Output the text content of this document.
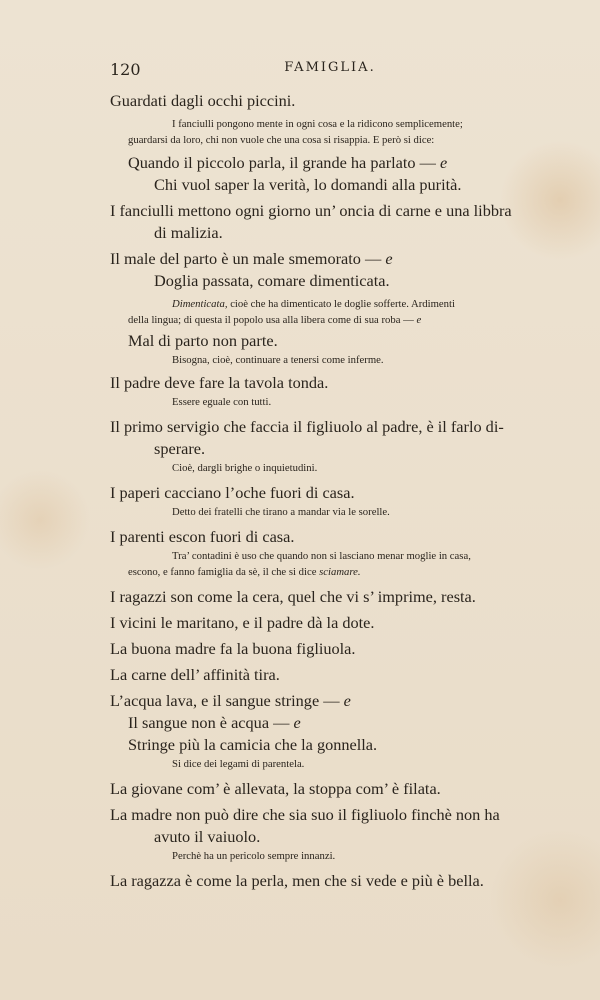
120	FAMIGLIA.
Guardati dagli occhi piccini.
I fanciulli pongono mente in ogni cosa e la ridicono semplicemente;
guardarsi da loro, chi non vuole che una cosa si risappia. E però si dice:
Quando il piccolo parla, il grande ha parlato — e
Chi vuol saper la verità, lo domandi alla purità.
I fanciulli mettono ogni giorno un’ oncia di carne e una libbra
di malizia.
Il male del parto è un male smemorato — e
Doglia passata, comare dimenticata.
Dimenticata, cioè che ha dimenticato le doglie sofferte. Ardimenti
della lingua; di questa il popolo usa alla libera come di sua roba — e
Mal di parto non parte.
Bisogna, cioè, continuare a tenersi come inferme.
Il padre deve fare la tavola tonda.
Essere eguale con tutti.
Il primo servigio che faccia il figliuolo al padre, è il farlo di-
sperare.
Cioè, dargli brighe o inquietudini.
I paperi cacciano l’oche fuori di casa.
Detto dei fratelli che tirano a mandar via le sorelle.
I parenti escon fuori di casa.
Tra’ contadini è uso che quando non si lasciano menar moglie in casa,
escono, e fanno famiglia da sè, il che si dice sciamare.
I ragazzi son come la cera, quel che vi s’ imprime, resta.
I vicini le maritano, e il padre dà la dote.
La buona madre fa la buona figliuola.
La carne dell’ affinità tira.
L’acqua lava, e il sangue stringe — e
Il sangue non è acqua — e
Stringe più la camicia che la gonnella.
Si dice dei legami di parentela.
La giovane com’ è allevata, la stoppa com’ è filata.
La madre non può dire che sia suo il figliuolo finchè non ha
avuto il vaiuolo.
Perchè ha un pericolo sempre innanzi.
La ragazza è come la perla, men che si vede e più è bella.
